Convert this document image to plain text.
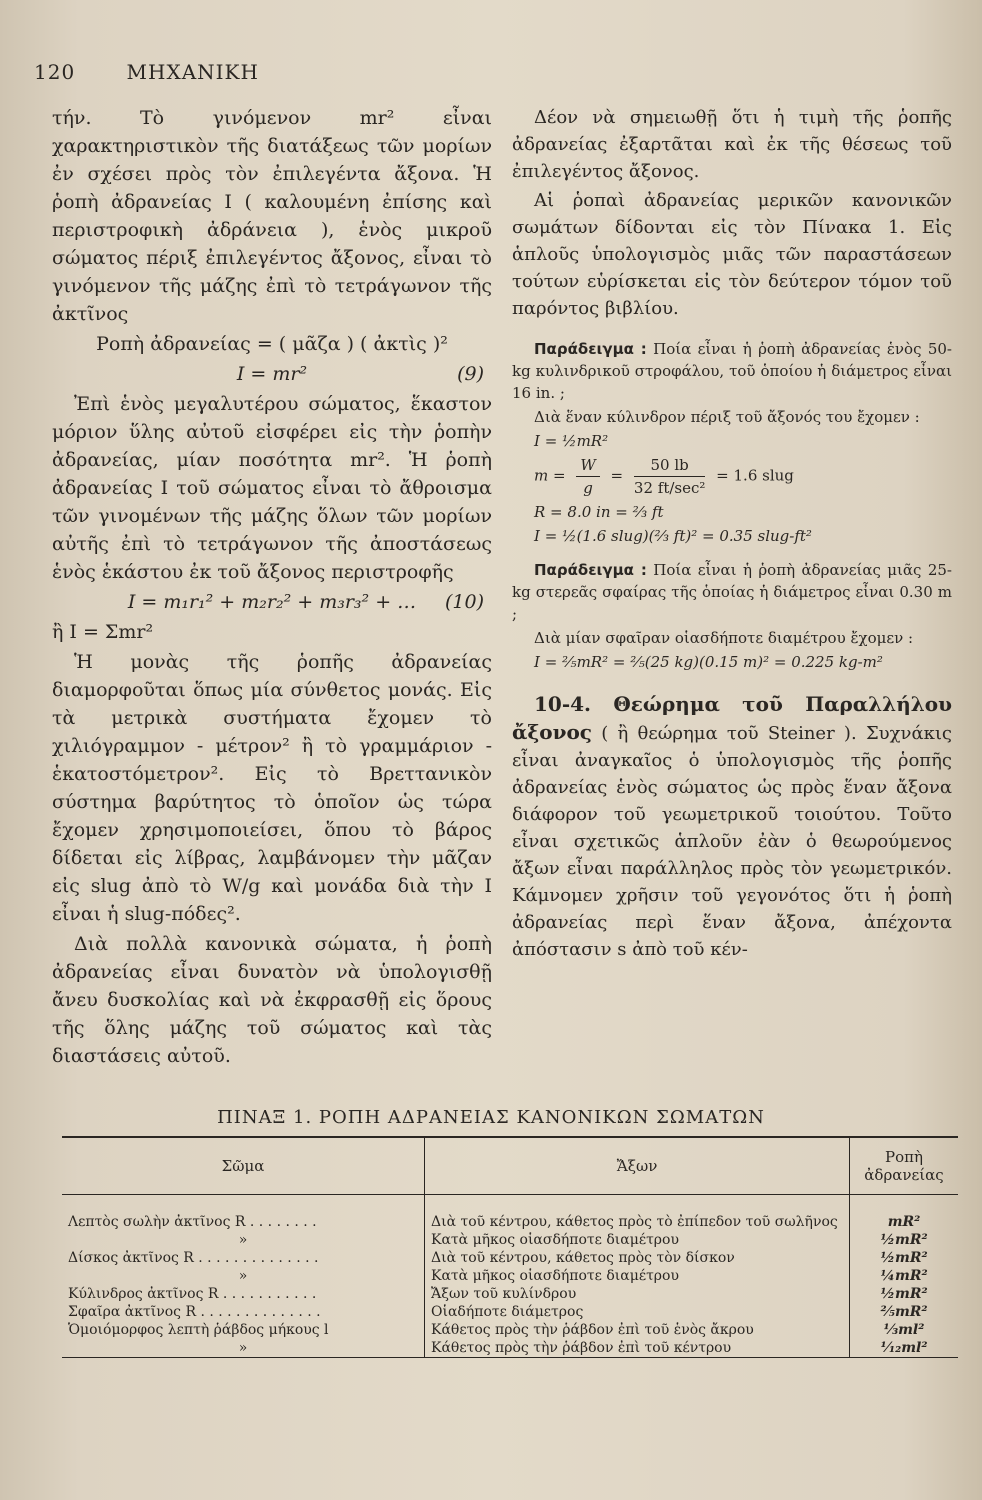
120	ΜΗΧΑΝΙΚΗ

τήν. Τὸ γινόμενον mr² εἶναι χαρακτηριστικὸν τῆς διατάξεως τῶν μορίων ἐν σχέσει πρὸς τὸν ἐπιλεγέντα ἄξονα. Ἡ ῥοπὴ ἀδρανείας I ( καλουμένη ἐπίσης καὶ περιστροφικὴ ἀδράνεια ), ἑνὸς μικροῦ σώματος πέριξ ἐπιλεγέντος ἄξονος, εἶναι τὸ γινόμενον τῆς μάζης ἐπὶ τὸ τετράγωνον τῆς ἀκτῖνος

Ροπὴ ἀδρανείας = ( μᾶζα ) ( ἀκτὶς )²

I = mr²	(9)

Ἐπὶ ἑνὸς μεγαλυτέρου σώματος, ἕκαστον μόριον ὕλης αὐτοῦ εἰσφέρει εἰς τὴν ῥοπὴν ἀδρανείας, μίαν ποσότητα mr². Ἡ ῥοπὴ ἀδρανείας I τοῦ σώματος εἶναι τὸ ἄθροισμα τῶν γινομένων τῆς μάζης ὅλων τῶν μορίων αὐτῆς ἐπὶ τὸ τετράγωνον τῆς ἀποστάσεως ἑνὸς ἑκάστου ἐκ τοῦ ἄξονος περιστροφῆς

I = m₁r₁² + m₂r₂² + m₃r₃² + … (10)

ἢ I = Σmr²

Ἡ μονὰς τῆς ῥοπῆς ἀδρανείας διαμορφοῦται ὅπως μία σύνθετος μονάς. Εἰς τὰ μετρικὰ συστήματα ἔχομεν τὸ χιλιόγραμμον - μέτρον² ἢ τὸ γραμμάριον - ἑκατοστόμετρον². Εἰς τὸ Βρεττανικὸν σύστημα βαρύτητος τὸ ὁποῖον ὡς τώρα ἔχομεν χρησιμοποιείσει, ὅπου τὸ βάρος δίδεται εἰς λίβρας, λαμβάνομεν τὴν μᾶζαν εἰς slug ἀπὸ τὸ W/g καὶ μονάδα διὰ τὴν I εἶναι ἡ slug-πόδες².

Διὰ πολλὰ κανονικὰ σώματα, ἡ ῥοπὴ ἀδρανείας εἶναι δυνατὸν νὰ ὑπολογισθῇ ἄνευ δυσκολίας καὶ νὰ ἐκφρασθῇ εἰς ὅρους τῆς ὅλης μάζης τοῦ σώματος καὶ τὰς διαστάσεις αὐτοῦ.

Δέον νὰ σημειωθῇ ὅτι ἡ τιμὴ τῆς ῥοπῆς ἀδρανείας ἐξαρτᾶται καὶ ἐκ τῆς θέσεως τοῦ ἐπιλεγέντος ἄξονος.

Αἱ ῥοπαὶ ἀδρανείας μερικῶν κανονικῶν σωμάτων δίδονται εἰς τὸν Πίνακα 1. Εἰς ἁπλοῦς ὑπολογισμὸς μιᾶς τῶν παραστάσεων τούτων εὑρίσκεται εἰς τὸν δεύτερον τόμον τοῦ παρόντος βιβλίου.

Παράδειγμα : Ποία εἶναι ἡ ῥοπὴ ἀδρανείας ἑνὸς 50-kg κυλινδρικοῦ στροφάλου, τοῦ ὁποίου ἡ διάμετρος εἶναι 16 in. ;

Διὰ ἕναν κύλινδρον πέριξ τοῦ ἄξονός του ἔχομεν :

I = ½mR²

$m = \frac{W}{g} = \frac{50 lb}{\text{32 ft/sec²}} = 1.6$ slug

R = 8.0 in = ⅔ ft

I = ½(1.6 slug)(⅔ ft)² = 0.35 slug-ft²

Παράδειγμα : Ποία εἶναι ἡ ῥοπὴ ἀδρανείας μιᾶς 25-kg στερεᾶς σφαίρας τῆς ὁποίας ἡ διάμετρος εἶναι 0.30 m ;

Διὰ μίαν σφαῖραν οἱασδήποτε διαμέτρου ἔχομεν :

I = ⅖mR² = ⅖(25 kg)(0.15 m)² = 0.225 kg-m²

10-4. Θεώρημα τοῦ Παραλλήλου ἄξονος ( ἢ θεώρημα τοῦ Steiner ). Συχνάκις εἶναι ἀναγκαῖος ὁ ὑπολογισμὸς τῆς ῥοπῆς ἀδρανείας ἑνὸς σώματος ὡς πρὸς ἕναν ἄξονα διάφορον τοῦ γεωμετρικοῦ τοιούτου. Τοῦτο εἶναι σχετικῶς ἁπλοῦν ἐὰν ὁ θεωρούμενος ἄξων εἶναι παράλληλος πρὸς τὸν γεωμετρικόν. Κάμνομεν χρῆσιν τοῦ γεγονότος ὅτι ἡ ῥοπὴ ἀδρανείας περὶ ἕναν ἄξονα, ἀπέχοντα ἀπόστασιν s ἀπὸ τοῦ κέν-

ΠΙΝΑΞ 1. ΡΟΠΗ ΑΔΡΑΝΕΙΑΣ ΚΑΝΟΝΙΚΩΝ ΣΩΜΑΤΩΝ
Σῶμα	Ἄξων	Ροπὴ ἀδρανείας

Λεπτὸς σωλὴν ἀκτῖνος R . . . . . . . .	Διὰ τοῦ κέντρου, κάθετος πρὸς τὸ ἐπίπεδον τοῦ σωλῆνος	mR²
»	Κατὰ μῆκος οἱασδήποτε διαμέτρου	½mR²
Δίσκος ἀκτῖνος R . . . . . . . . . . . . . .	Διὰ τοῦ κέντρου, κάθετος πρὸς τὸν δίσκον	½mR²
»	Κατὰ μῆκος οἱασδήποτε διαμέτρου	¼mR²
Κύλινδρος ἀκτῖνος R . . . . . . . . . . .	Ἄξων τοῦ κυλίνδρου	½mR²
Σφαῖρα ἀκτῖνος R . . . . . . . . . . . . . .	Οἱαδήποτε διάμετρος	⅖mR²
Ὁμοιόμορφος λεπτὴ ῥάβδος μήκους l	Κάθετος πρὸς τὴν ῥάβδον ἐπὶ τοῦ ἑνὸς ἄκρου	⅓ml²
»	Κάθετος πρὸς τὴν ῥάβδον ἐπὶ τοῦ κέντρου	¹⁄₁₂ml²
